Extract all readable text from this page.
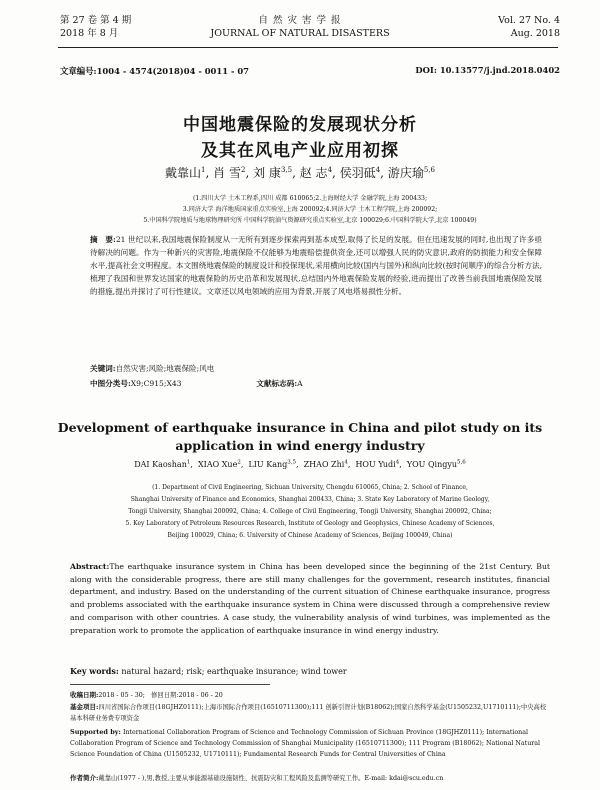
第 27 卷 第 4 期
2018 年 8 月
自 然 灾 害 学 报
JOURNAL OF NATURAL DISASTERS
Vol. 27 No. 4
Aug. 2018
文章编号:1004 - 4574(2018)04 - 0011 - 07	DOI: 10.13577/j.jnd.2018.0402
中国地震保险的发展现状分析
及其在风电产业应用初探
戴靠山$^1$, 肖 雪$^2$, 刘 康$^{3,5}$, 赵 志$^4$, 侯羽砥$^4$, 游庆瑜$^{5,6}$
(1.四川大学 土木工程系,四川 成都 610065;2.上海财经大学 金融学院,上海 200433;
3.同济大学 海洋地质国家重点实验室,上海 200092;4.同济大学 土木工程学院,上海 200092;
5.中国科学院地质与地球物理研究所 中国科学院油气资源研究重点实验室,北京 100029;6.中国科学院大学,北京 100049)
摘　要:21 世纪以来,我国地震保险制度从一无所有到逐步探索再到基本成型,取得了长足的发展。但在迅速发展的同时,也出现了许多亟待解决的问题。作为一种新兴的灾害险,地震保险不仅能够为地震赔偿提供资金,还可以增强人民的防灾意识,政府的防损能力和安全保障水平,提高社会文明程度。本文围绕地震保险的制度设计和投保现状,采用横向比较(国内与国外)和纵向比较(按时间顺序)的综合分析方法,梳理了我国和世界发达国家的地震保险的历史沿革和发展现状,总结国内外地震保险发展的经验,进而提出了改善当前我国地震保险发展的措施,提出并探讨了可行性建议。文章还以风电领域的应用为背景,开展了风电塔易损性分析。
关键词:自然灾害;风险;地震保险;风电
中图分类号:X9;C915;X43	文献标志码:A
Development of earthquake insurance in China and pilot study on its
application in wind energy industry
DAI Kaoshan$^1$, XIAO Xue$^2$, LIU Kang$^{3,5}$, ZHAO Zhi$^4$, HOU Yudi$^4$, YOU Qingyu$^{5,6}$
(1. Department of Civil Engineering, Sichuan University, Chengdu 610065, China; 2. School of Finance,
Shanghai University of Finance and Economics, Shanghai 200433, China; 3. State Key Laboratory of Marine Geology,
Tongji University, Shanghai 200092, China; 4. College of Civil Engineering, Tongji University, Shanghai 200092, China;
5. Key Laboratory of Petroleum Resources Research, Institute of Geology and Geophysics, Chinese Academy of Sciences,
Beijing 100029, China; 6. University of Chinese Academy of Sciences, Beijing 100049, China)
Abstract:The earthquake insurance system in China has been developed since the beginning of the 21st Century. But along with the considerable progress, there are still many challenges for the government, research institutes, financial department, and industry. Based on the understanding of the current situation of Chinese earthquake insurance, progress and problems associated with the earthquake insurance system in China were discussed through a comprehensive review and comparison with other countries. A case study, the vulnerability analysis of wind turbines, was implemented as the preparation work to promote the application of earthquake insurance in wind energy industry.
Key words: natural hazard; risk; earthquake insurance; wind tower
收稿日期:2018 - 05 - 30;　修回日期:2018 - 06 - 20
基金项目:四川省国际合作项目(18GJHZ0111);上海市国际合作项目(16510711300);111 创新引智计划(B18062);国家自然科学基金(U1505232,U1710111);中央高校基本科研业务费专项资金
Supported by: International Collaboration Program of Science and Technology Commission of Sichuan Province (18GJHZ0111); International Collaboration Program of Science and Technology Commission of Shanghai Municipality (16510711300); 111 Program (B18062); National Natural Science Foundation of China (U1505232, U1710111); Fundamental Research Funds for Central Universities of China
作者简介:戴靠山(1977 - ),男,教授,主要从事能源基础设施韧性、抗震防灾和工程风险及监测等研究工作。E-mail: kdai@scu.edu.cn
